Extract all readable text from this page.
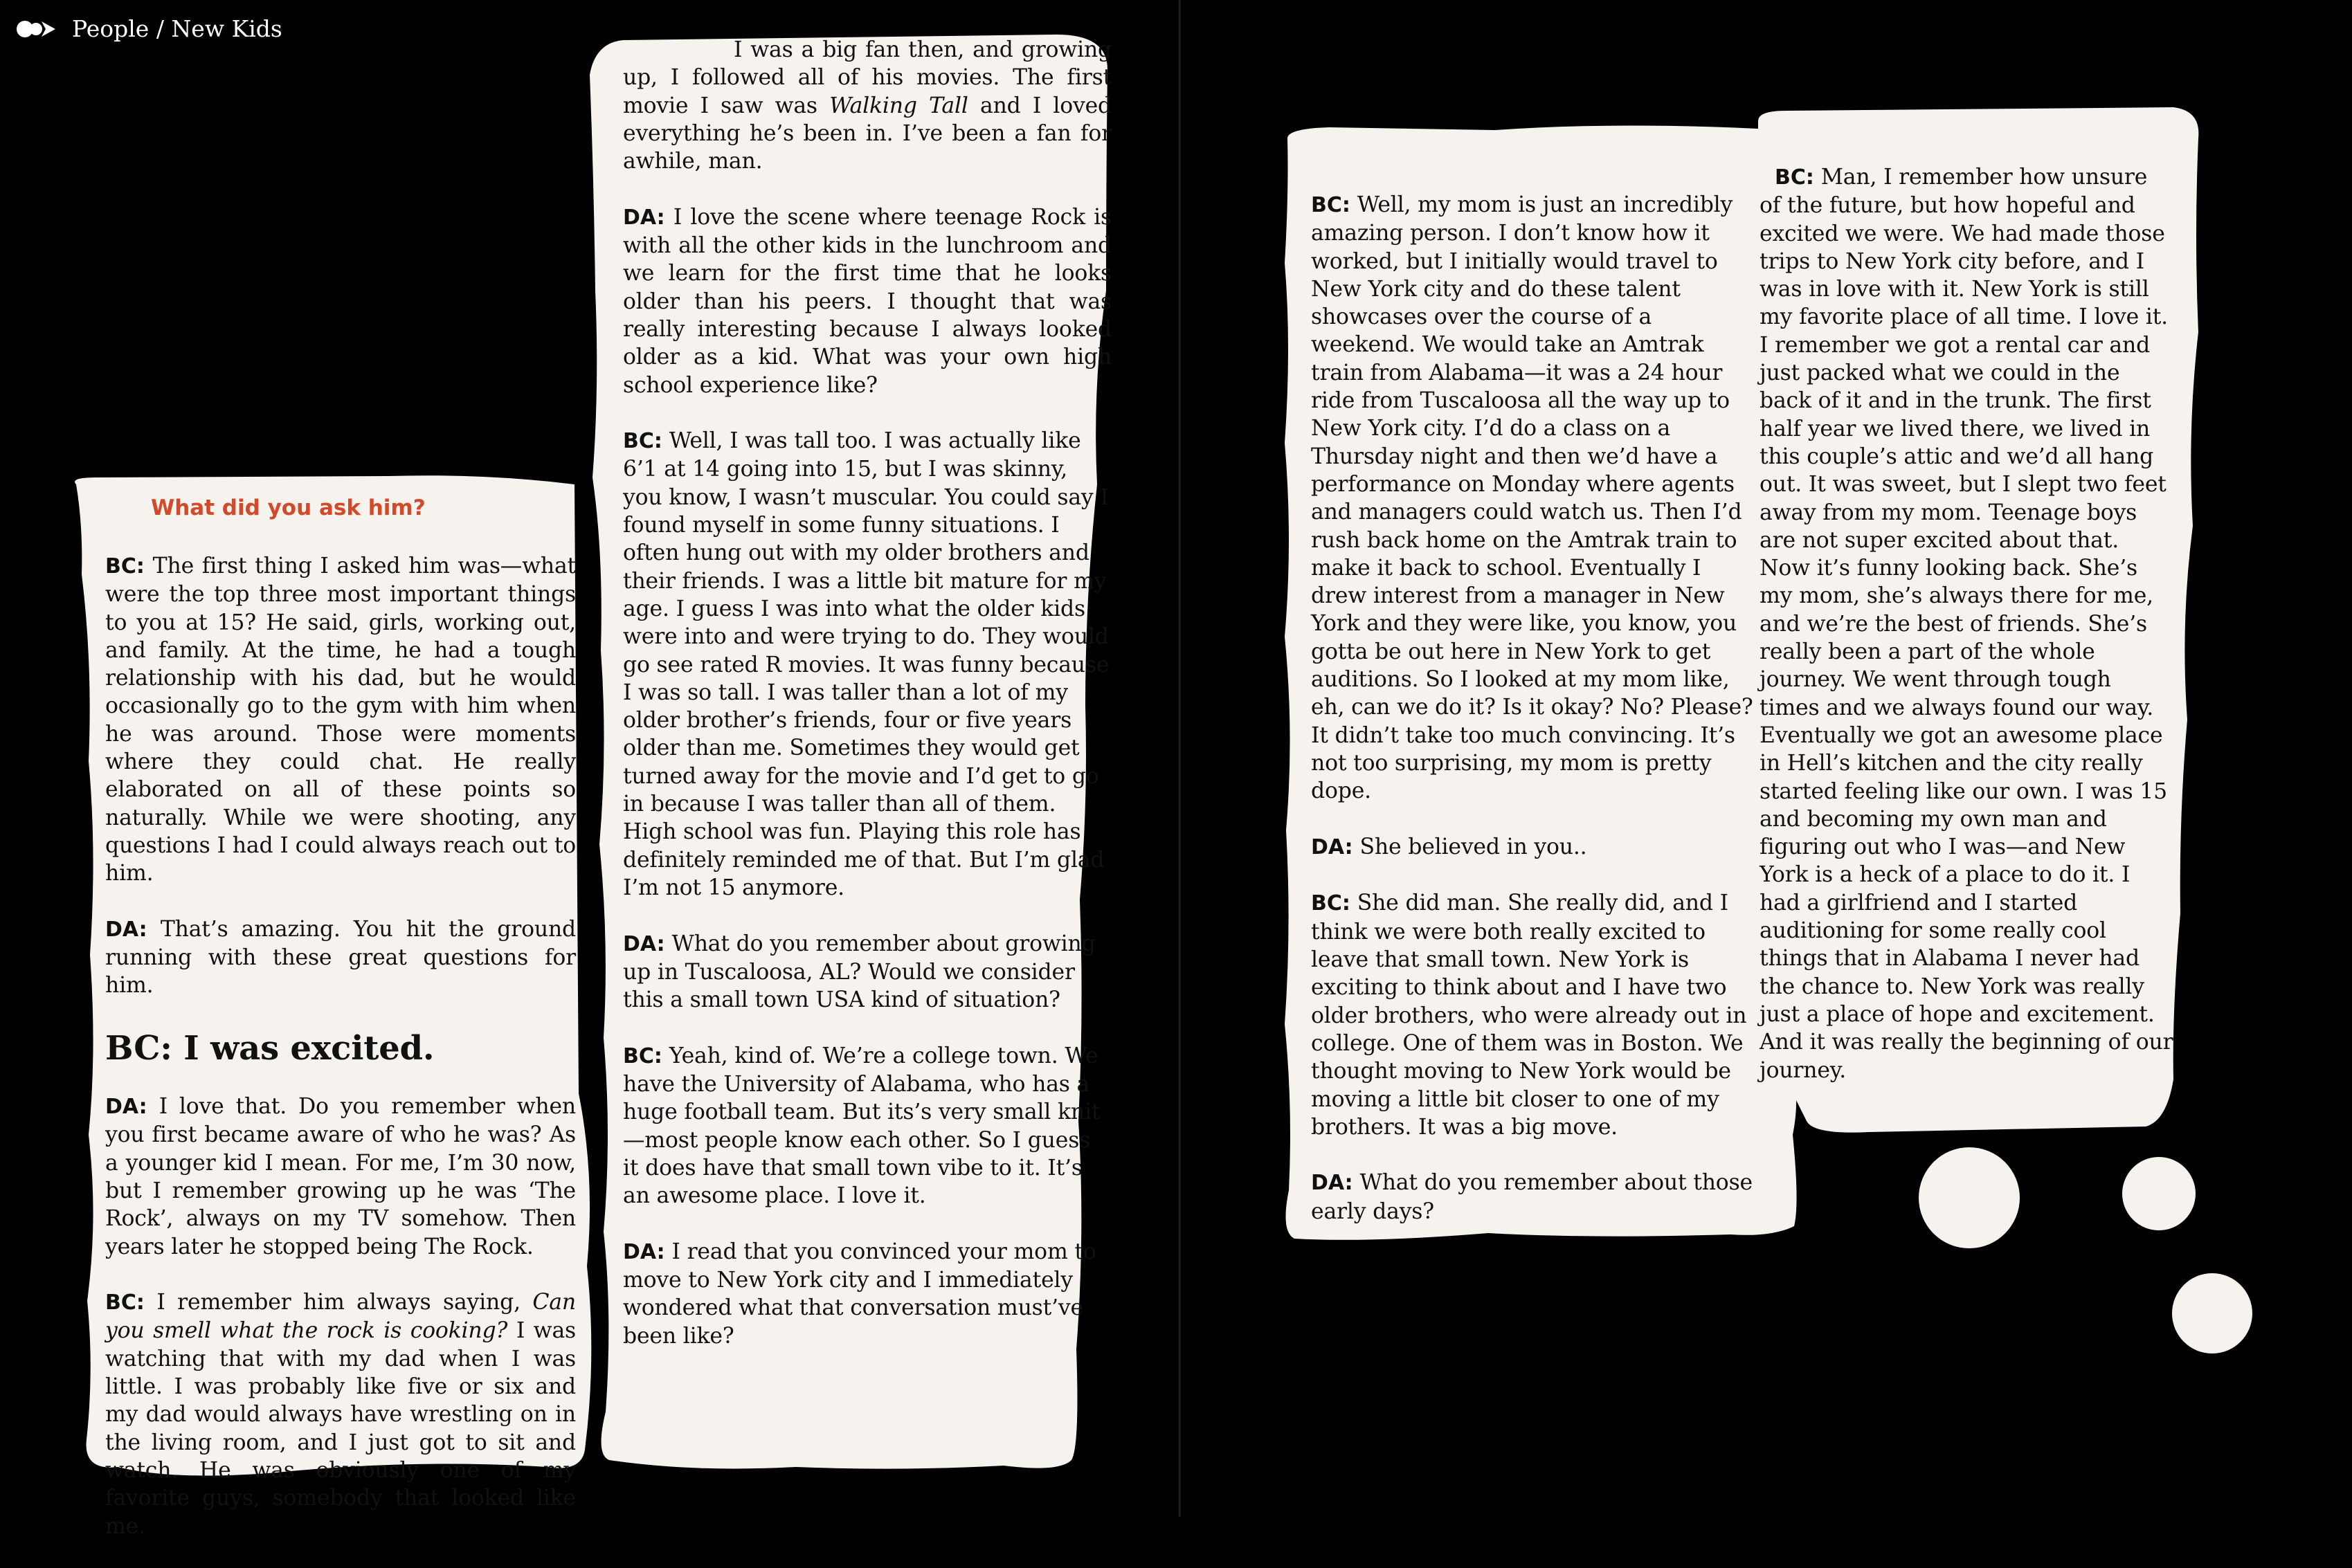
People / New Kids
What did you ask him?

BC: The first thing I asked him was—what were the top three most important things to you at 15? He said, girls, working out, and family. At the time, he had a tough relationship with his dad, but he would occasionally go to the gym with him when he was around. Those were moments where they could chat. He really elaborated on all of these points so naturally. While we were shooting, any questions I had I could always reach out to him.

DA: That’s amazing. You hit the ground running with these great questions for him.

BC: I was excited.

DA: I love that. Do you remember when you first became aware of who he was? As a younger kid I mean. For me, I’m 30 now, but I remember growing up he was ‘The Rock’, always on my TV somehow. Then years later he stopped being The Rock.

BC: I remember him always saying, Can you smell what the rock is cooking? I was watching that with my dad when I was little. I was probably like five or six and my dad would always have wrestling on in the living room, and I just got to sit and watch. He was obviously one of my favorite guys, somebody that looked like me.

I was a big fan then, and growing up, I followed all of his movies. The first movie I saw was Walking Tall and I loved everything he’s been in. I’ve been a fan for awhile, man.

DA: I love the scene where teenage Rock is with all the other kids in the lunchroom and we learn for the first time that he looks older than his peers. I thought that was really interesting because I always looked older as a kid. What was your own high school experience like?

BC: Well, I was tall too. I was actually like 6’1 at 14 going into 15, but I was skinny, you know, I wasn’t muscular. You could say I found myself in some funny situations. I often hung out with my older brothers and their friends. I was a little bit mature for my age. I guess I was into what the older kids were into and were trying to do. They would go see rated R movies. It was funny because I was so tall. I was taller than a lot of my older brother’s friends, four or five years older than me. Sometimes they would get turned away for the movie and I’d get to go in because I was taller than all of them. High school was fun. Playing this role has definitely reminded me of that. But I’m glad I’m not 15 anymore.

DA: What do you remember about growing up in Tuscaloosa, AL? Would we consider this a small town USA kind of situation?

BC: Yeah, kind of. We’re a college town. We have the University of Alabama, who has a huge football team. But its’s very small knit—most people know each other. So I guess it does have that small town vibe to it. It’s an awesome place. I love it.

DA: I read that you convinced your mom to move to New York city and I immediately wondered what that conversation must’ve been like?

BC: Well, my mom is just an incredibly amazing person. I don’t know how it worked, but I initially would travel to New York city and do these talent showcases over the course of a weekend. We would take an Amtrak train from Alabama—it was a 24 hour ride from Tuscaloosa all the way up to New York city. I’d do a class on a Thursday night and then we’d have a performance on Monday where agents and managers could watch us. Then I’d rush back home on the Amtrak train to make it back to school. Eventually I drew interest from a manager in New York and they were like, you know, you gotta be out here in New York to get auditions. So I looked at my mom like, eh, can we do it? Is it okay? No? Please? It didn’t take too much convincing. It’s not too surprising, my mom is pretty dope.

DA: She believed in you..

BC: She did man. She really did, and I think we were both really excited to leave that small town. New York is exciting to think about and I have two older brothers, who were already out in college. One of them was in Boston. We thought moving to New York would be moving a little bit closer to one of my brothers. It was a big move.

DA: What do you remember about those early days?

BC: Man, I remember how unsure of the future, but how hopeful and excited we were. We had made those trips to New York city before, and I was in love with it. New York is still my favorite place of all time. I love it. I remember we got a rental car and just packed what we could in the back of it and in the trunk. The first half year we lived there, we lived in this couple’s attic and we’d all hang out. It was sweet, but I slept two feet away from my mom. Teenage boys are not super excited about that. Now it’s funny looking back. She’s my mom, she’s always there for me, and we’re the best of friends. She’s really been a part of the whole journey. We went through tough times and we always found our way. Eventually we got an awesome place in Hell’s kitchen and the city really started feeling like our own. I was 15 and becoming my own man and figuring out who I was—and New York is a heck of a place to do it. I had a girlfriend and I started auditioning for some really cool things that in Alabama I never had the chance to. New York was really just a place of hope and excitement. And it was really the beginning of our journey.
